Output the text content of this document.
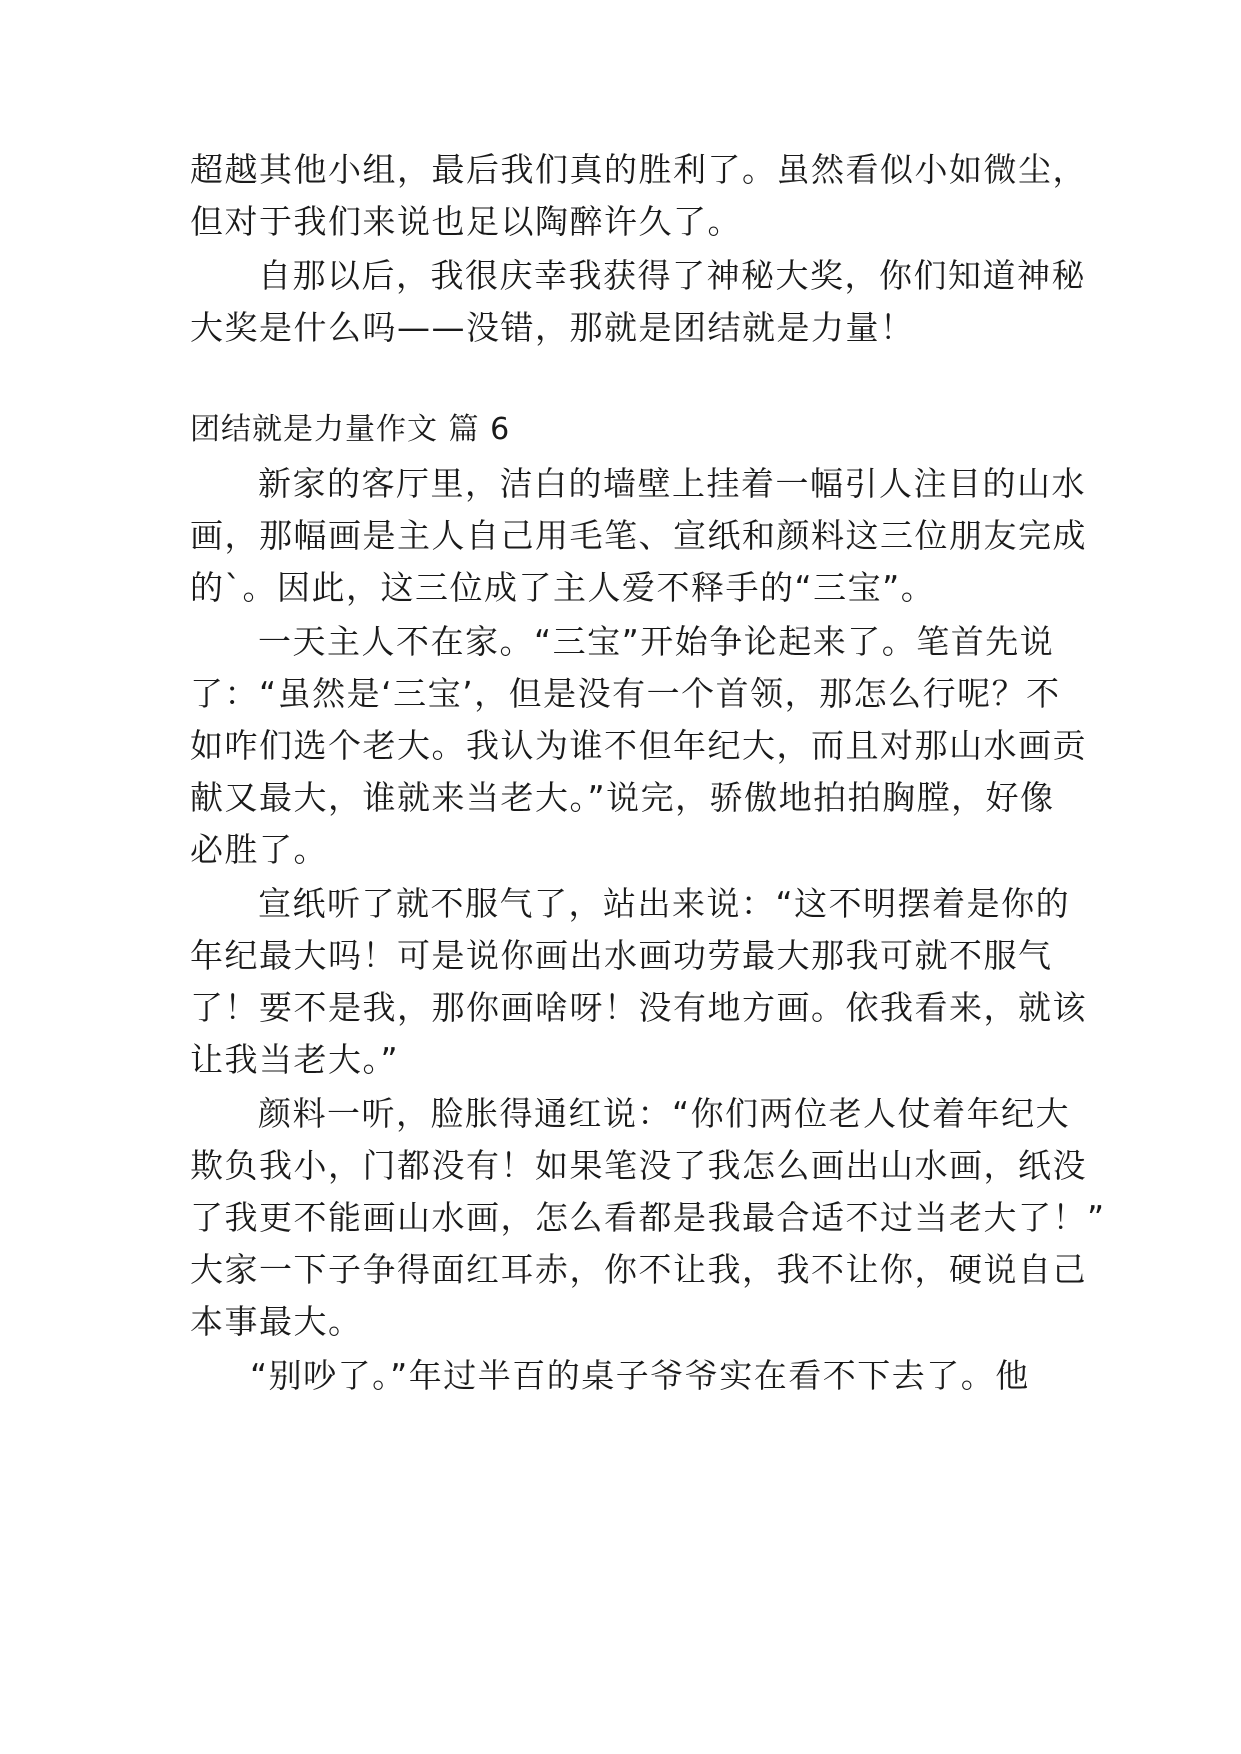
超越其他小组，最后我们真的胜利了。虽然看似小如微尘，
但对于我们来说也足以陶醉许久了。
自那以后，我很庆幸我获得了神秘大奖，你们知道神秘
大奖是什么吗——没错，那就是团结就是力量！
团结就是力量作文 篇 6
新家的客厅里，洁白的墙壁上挂着一幅引人注目的山水
画，那幅画是主人自己用毛笔、宣纸和颜料这三位朋友完成
的`。因此，这三位成了主人爱不释手的“三宝”。
一天主人不在家。“三宝”开始争论起来了。笔首先说
了：“虽然是‘三宝’，但是没有一个首领，那怎么行呢？不
如咋们选个老大。我认为谁不但年纪大，而且对那山水画贡
献又最大，谁就来当老大。”说完，骄傲地拍拍胸膛，好像
必胜了。
宣纸听了就不服气了，站出来说：“这不明摆着是你的
年纪最大吗！可是说你画出水画功劳最大那我可就不服气
了！要不是我，那你画啥呀！没有地方画。依我看来，就该
让我当老大。”
颜料一听，脸胀得通红说：“你们两位老人仗着年纪大
欺负我小，门都没有！如果笔没了我怎么画出山水画，纸没
了我更不能画山水画，怎么看都是我最合适不过当老大了！”
大家一下子争得面红耳赤，你不让我，我不让你，硬说自己
本事最大。
“别吵了。”年过半百的桌子爷爷实在看不下去了。他
